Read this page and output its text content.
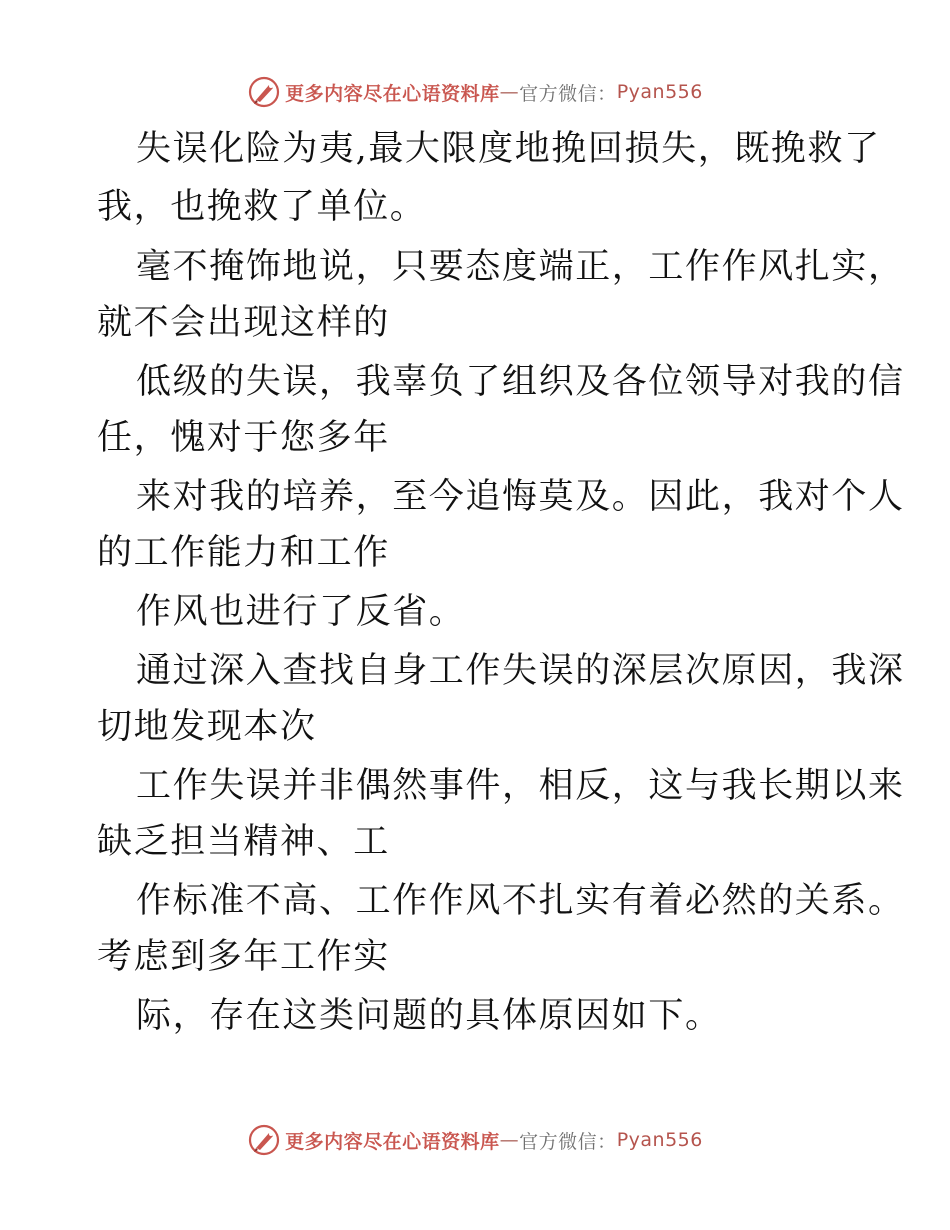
更多内容尽在心语资料库 — 官方微信： Pyan556
失误化险为夷,最大限度地挽回损失，既挽救了
我，也挽救了单位。
毫不掩饰地说，只要态度端正，工作作风扎实，
就不会出现这样的
低级的失误，我辜负了组织及各位领导对我的信
任，愧对于您多年
来对我的培养，至今追悔莫及。因此，我对个人
的工作能力和工作
作风也进行了反省。
通过深入查找自身工作失误的深层次原因，我深
切地发现本次
工作失误并非偶然事件，相反，这与我长期以来
缺乏担当精神、工
作标准不高、工作作风不扎实有着必然的关系。
考虑到多年工作实
际，存在这类问题的具体原因如下。
更多内容尽在心语资料库 — 官方微信： Pyan556
